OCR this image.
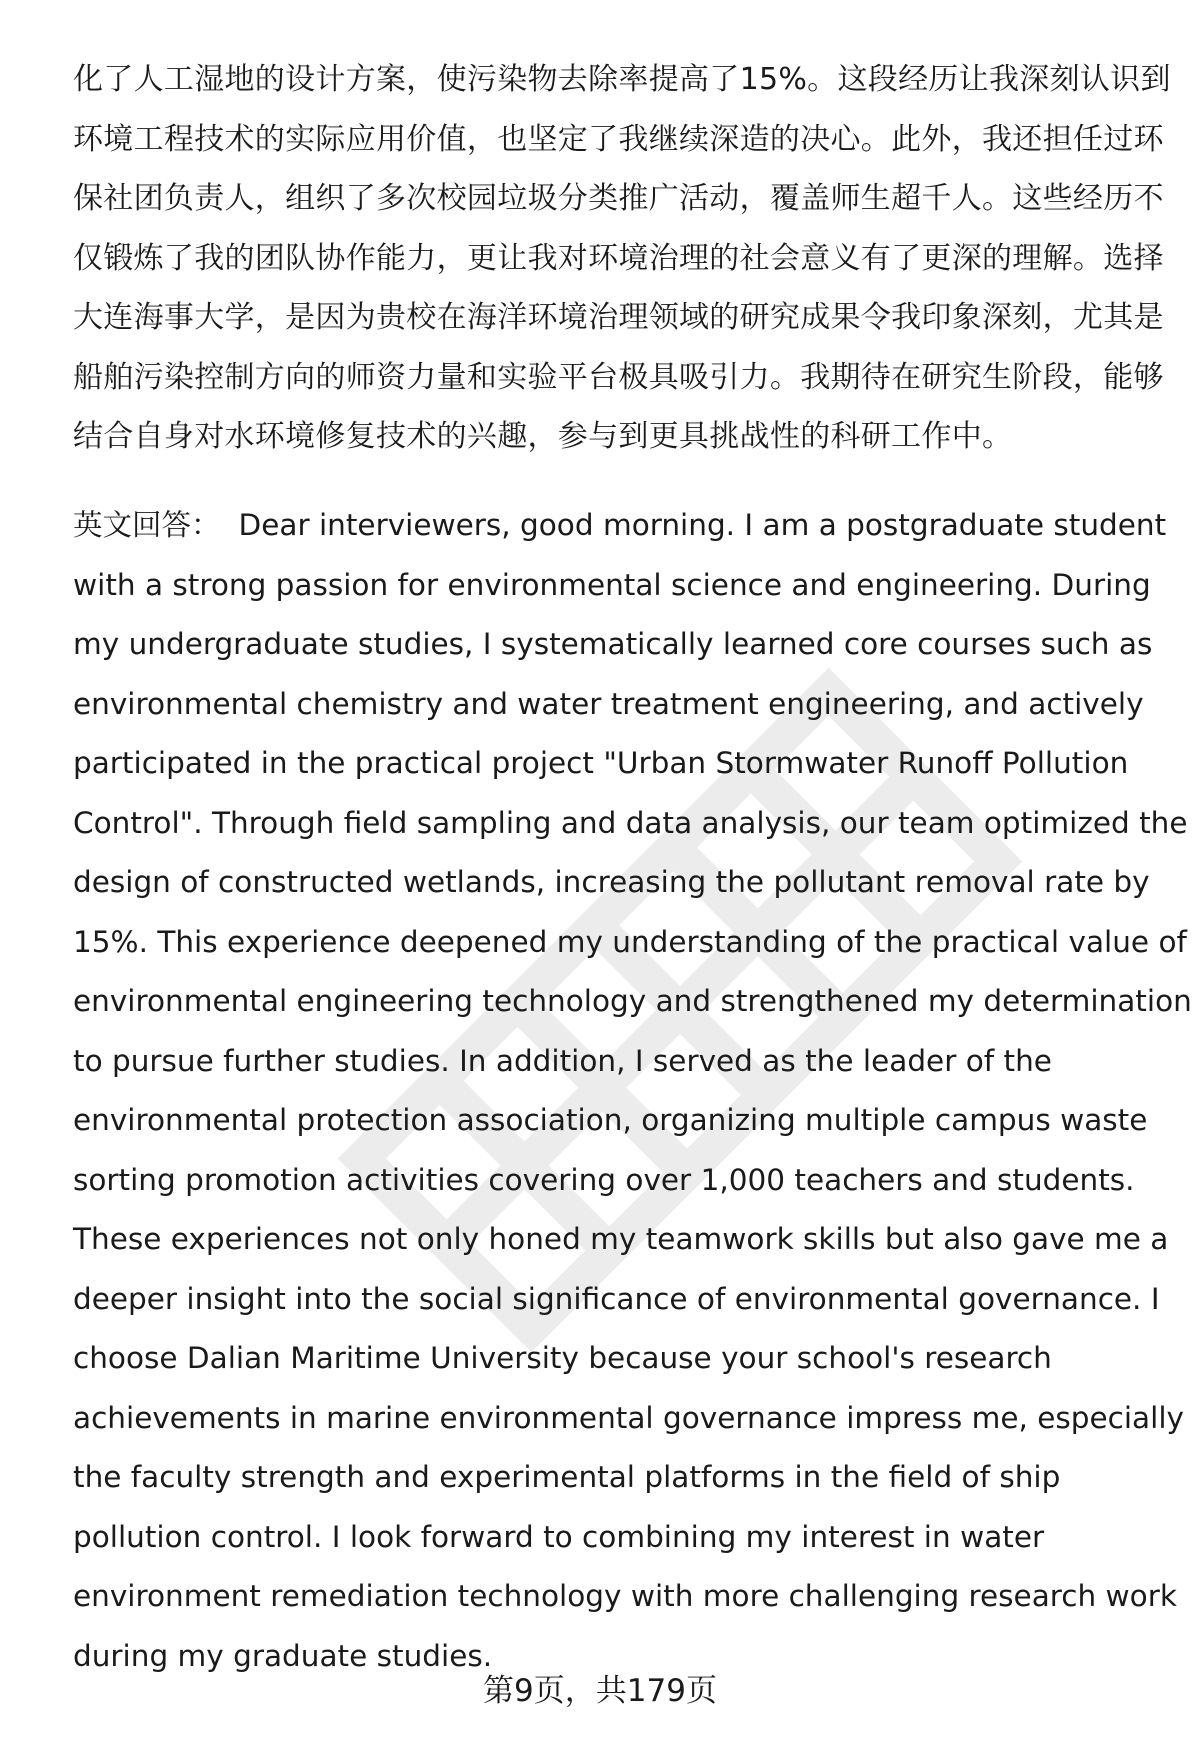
化了人工湿地的设计方案，使污染物去除率提高了15%。这段经历让我深刻认识到
环境工程技术的实际应用价值，也坚定了我继续深造的决心。此外，我还担任过环
保社团负责人，组织了多次校园垃圾分类推广活动，覆盖师生超千人。这些经历不
仅锻炼了我的团队协作能力，更让我对环境治理的社会意义有了更深的理解。选择
大连海事大学，是因为贵校在海洋环境治理领域的研究成果令我印象深刻，尤其是
船舶污染控制方向的师资力量和实验平台极具吸引力。我期待在研究生阶段，能够
结合自身对水环境修复技术的兴趣，参与到更具挑战性的科研工作中。
英文回答： Dear interviewers, good morning. I am a postgraduate student
with a strong passion for environmental science and engineering. During
my undergraduate studies, I systematically learned core courses such as
environmental chemistry and water treatment engineering, and actively
participated in the practical project "Urban Stormwater Runoff Pollution
Control". Through field sampling and data analysis, our team optimized the
design of constructed wetlands, increasing the pollutant removal rate by
15%. This experience deepened my understanding of the practical value of
environmental engineering technology and strengthened my determination
to pursue further studies. In addition, I served as the leader of the
environmental protection association, organizing multiple campus waste
sorting promotion activities covering over 1,000 teachers and students.
These experiences not only honed my teamwork skills but also gave me a
deeper insight into the social significance of environmental governance. I
choose Dalian Maritime University because your school's research
achievements in marine environmental governance impress me, especially
the faculty strength and experimental platforms in the field of ship
pollution control. I look forward to combining my interest in water
environment remediation technology with more challenging research work
during my graduate studies.
第9页，共179页
